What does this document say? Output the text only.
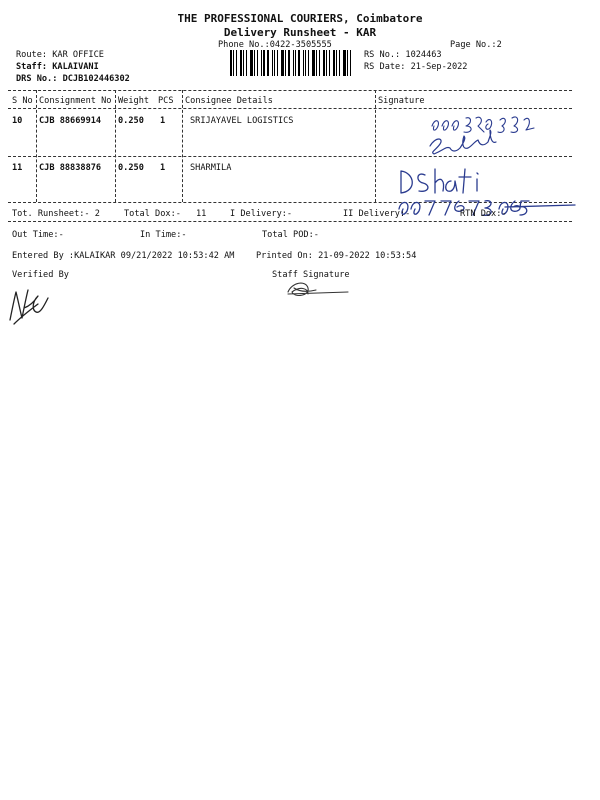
THE PROFESSIONAL COURIERS, Coimbatore
Delivery Runsheet - KAR
Phone No.:0422-3505555	Page No.:2
Route: KAR OFFICE
Staff: KALAIVANI
DRS No.: DCJB102446302
RS No.: 1024463
RS Date: 21-Sep-2022
S No Consignment No Weight PCS Consignee Details	Signature
10 CJB 88669914 0.250 1	SRIJAYAVEL LOGISTICS
11 CJB 88838876 0.250 1	SHARMILA
Tot. Runsheet:- 2	Total Dox:- 11	I Delivery:-	II Delivery:-	RTN Dox:-
Out Time:-	In Time:-	Total POD:-
Entered By :KALAIKAR 09/21/2022 10:53:42 AM	Printed On: 21-09-2022 10:53:54
Verified By	Staff Signature
